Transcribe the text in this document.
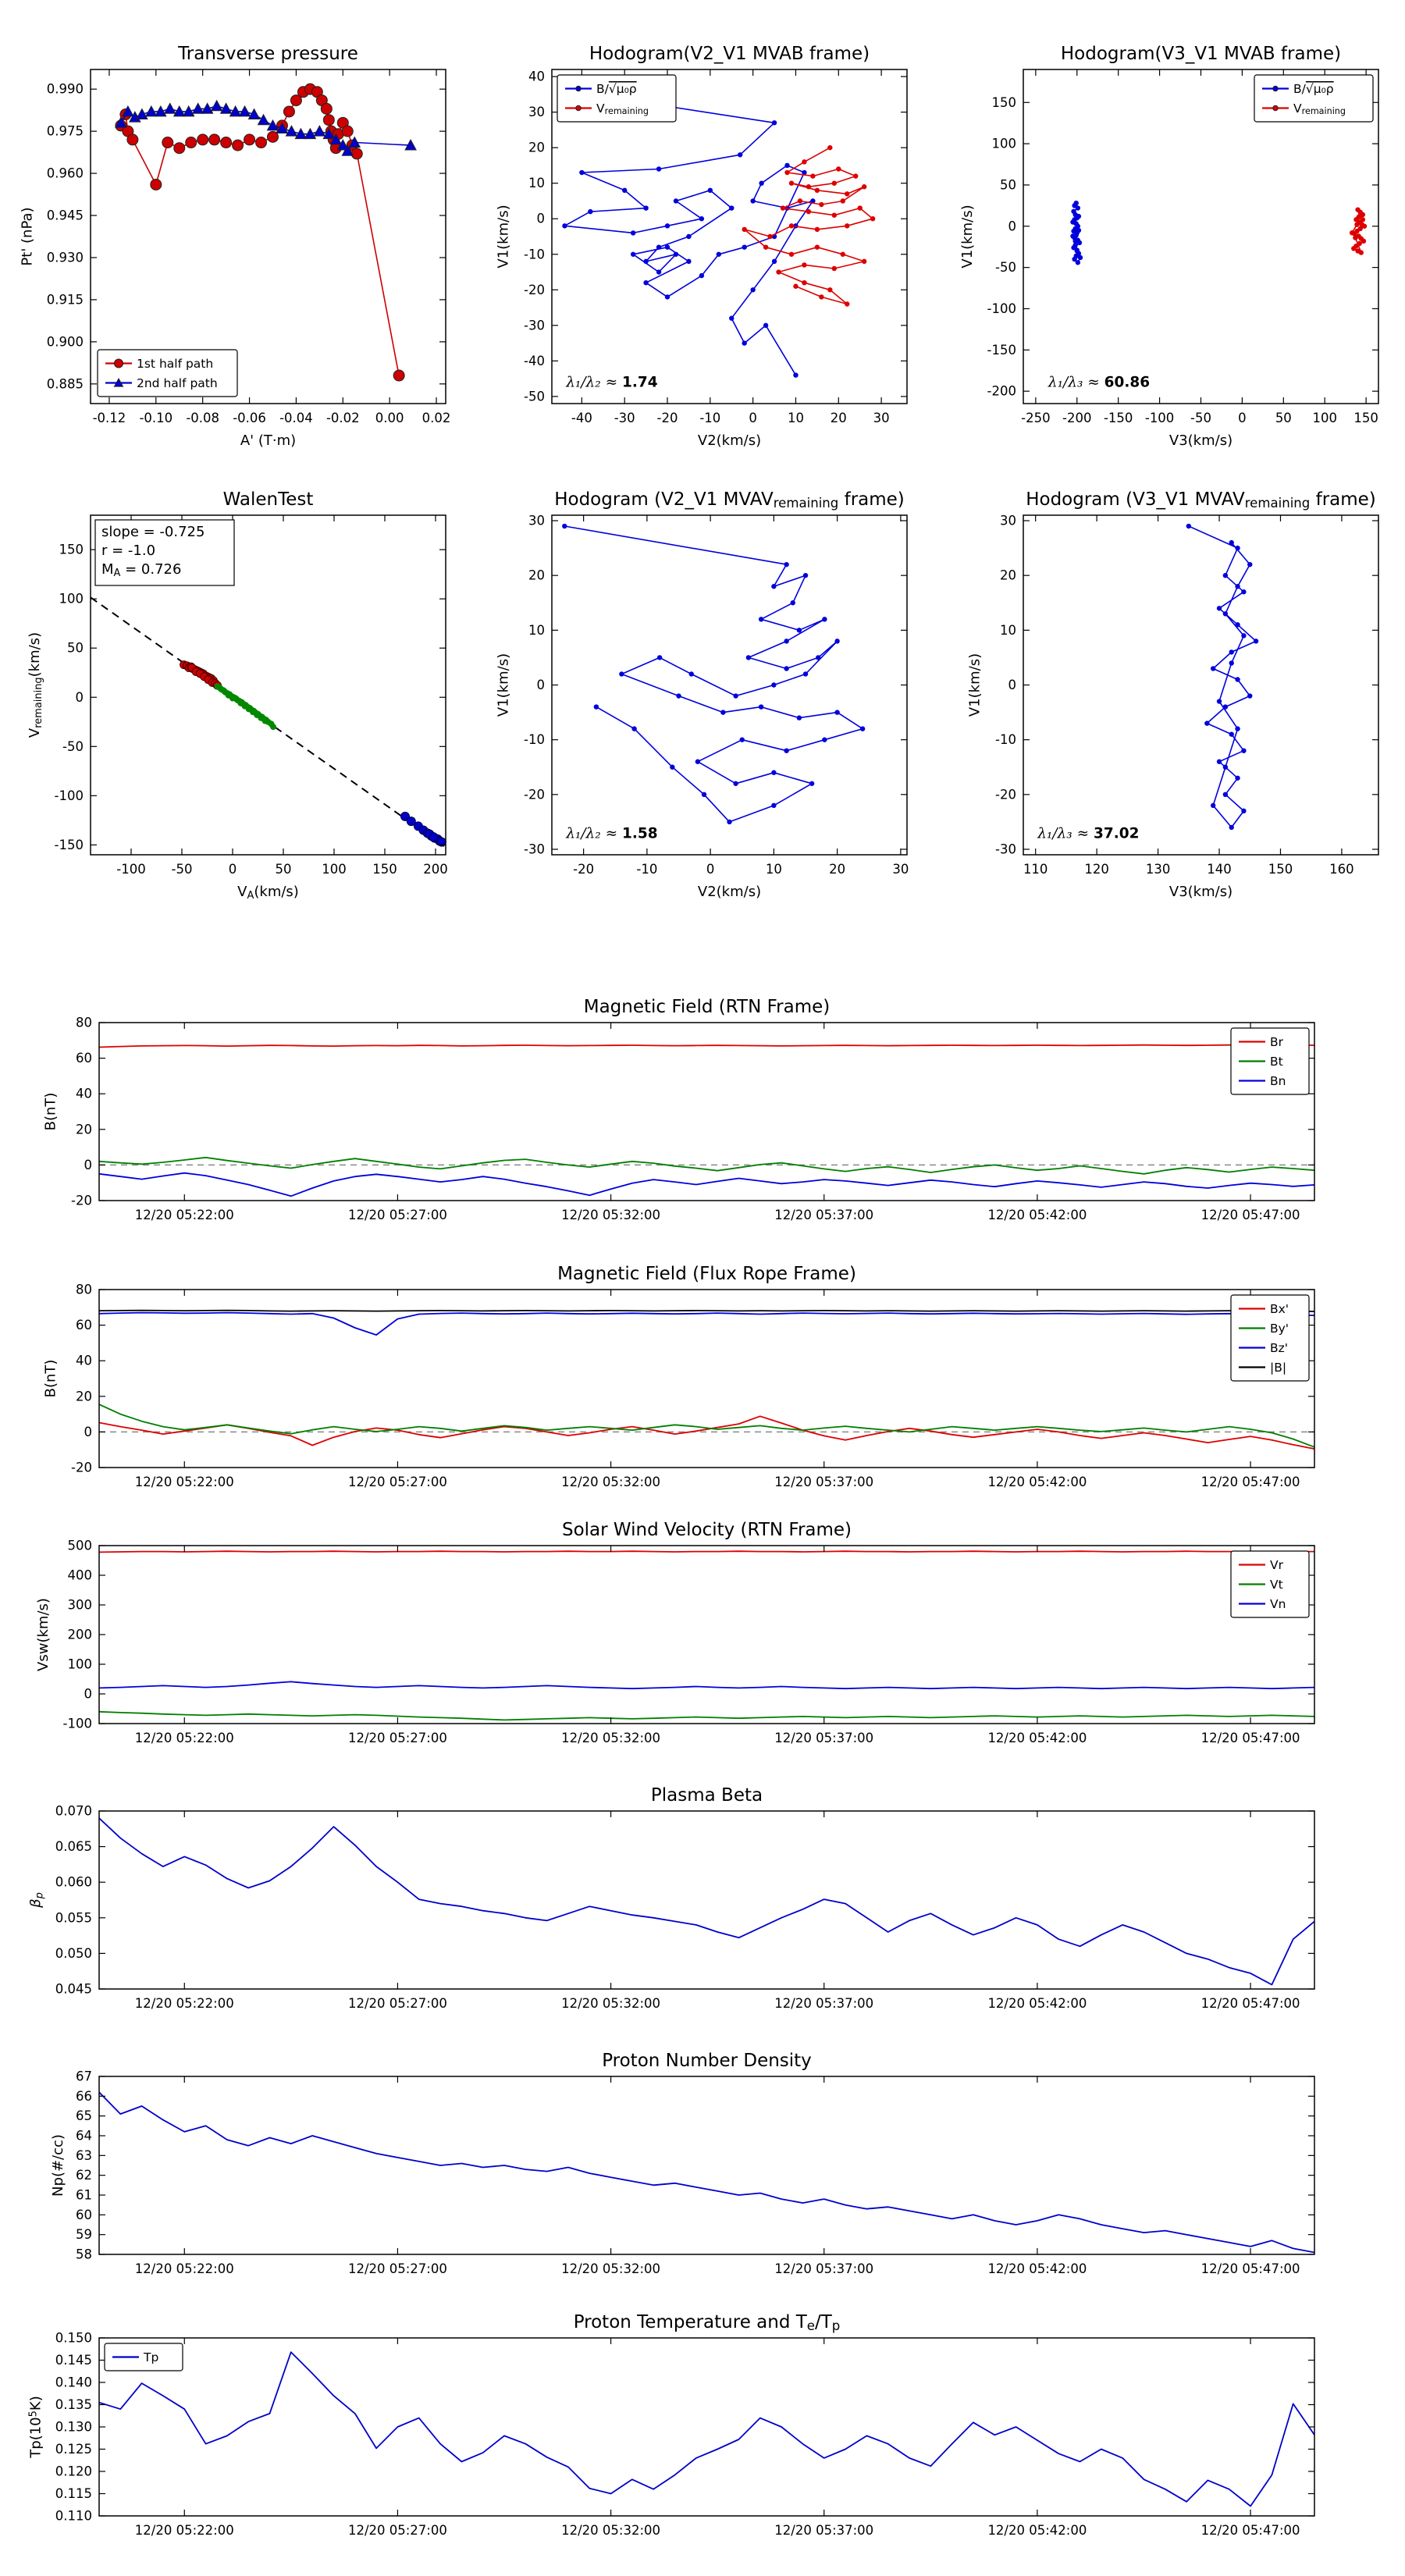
-0.12 -0.10 -0.08 -0.06 -0.04 -0.02 0.00 0.02
0.885
0.900
0.915
0.930
0.945
0.960
0.975
0.990
Transverse pressure
A' (T·m)
Pt' (nPa)
1st half path
2nd half path
-40 -30 -20 -10 0 10 20 30
-50
-40
-30
-20
-10
0
10
20
30
40
Hodogram(V2_V1 MVAB frame)
V2(km/s)
V1(km/s)
λ₁/λ₂ ≈ 1.74
B/√μ₀ρ
Vremaining
-250 -200 -150 -100 -50 0 50 100 150
-200
-150
-100
-50
0
50
100
150
Hodogram(V3_V1 MVAB frame)
V3(km/s)
V1(km/s)
λ₁/λ₃ ≈ 60.86
B/√μ₀ρ
Vremaining
-100 -50	0	50 100 150 200
-150
-100
-50
0
50
100
150
WalenTest
VA(km/s)
Vremaining(km/s)
slope = -0.725
r = -1.0
MA = 0.726
-20	-10	0	10	20	30
-30
-20
-10
0
10
20
30
Hodogram (V2_V1 MVAVremaining frame)
V2(km/s)
V1(km/s)
λ₁/λ₂ ≈ 1.58
110	120	130	140	150	160
-30
-20
-10
0
10
20
30
Hodogram (V3_V1 MVAVremaining frame)
V3(km/s)
V1(km/s)
λ₁/λ₃ ≈ 37.02
12/20 05:22:00	12/20 05:27:00	12/20 05:32:00	12/20 05:37:00	12/20 05:42:00	12/20 05:47:00
-20
0
20
40
60
80
Magnetic Field (RTN Frame)
B(nT)
Br
Bt
Bn
12/20 05:22:00	12/20 05:27:00	12/20 05:32:00	12/20 05:37:00	12/20 05:42:00	12/20 05:47:00
-20
0
20
40
60
80
Magnetic Field (Flux Rope Frame)
B(nT)
Bx'
By'
Bz'
|B|
12/20 05:22:00	12/20 05:27:00	12/20 05:32:00	12/20 05:37:00	12/20 05:42:00	12/20 05:47:00
-100
0
100
200
300
400
500
Solar Wind Velocity (RTN Frame)
Vsw(km/s)
Vr
Vt
Vn
12/20 05:22:00	12/20 05:27:00	12/20 05:32:00	12/20 05:37:00	12/20 05:42:00	12/20 05:47:00
0.045
0.050
0.055
0.060
0.065
0.070
Plasma Beta
βp
12/20 05:22:00	12/20 05:27:00	12/20 05:32:00	12/20 05:37:00	12/20 05:42:00	12/20 05:47:00
58
59
60
61
62
63
64
65
66
67
Proton Number Density
Np(#/cc)
12/20 05:22:00	12/20 05:27:00	12/20 05:32:00	12/20 05:37:00	12/20 05:42:00	12/20 05:47:00
0.110
0.115
0.120
0.125
0.130
0.135
0.140
0.145
0.150
Proton Temperature and Te/Tp
Tp(105K)
Tp
